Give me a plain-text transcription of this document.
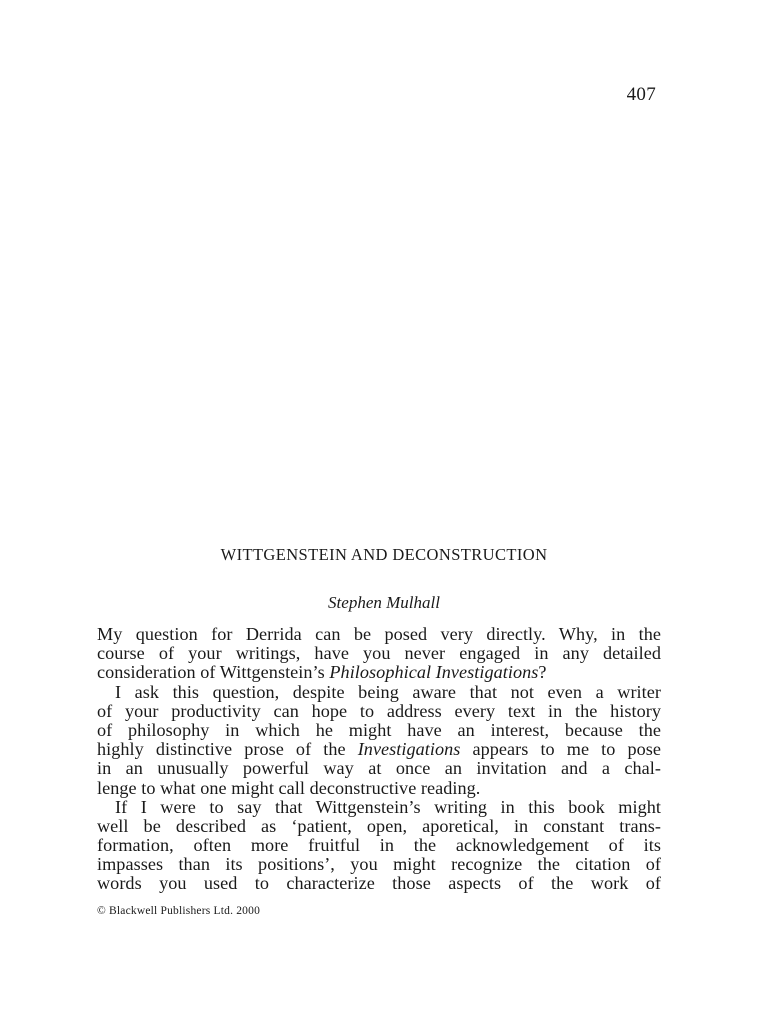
407
WITTGENSTEIN AND DECONSTRUCTION
Stephen Mulhall
My question for Derrida can be posed very directly. Why, in the
course of your writings, have you never engaged in any detailed
consideration of Wittgenstein’s Philosophical Investigations?
I ask this question, despite being aware that not even a writer
of your productivity can hope to address every text in the history
of philosophy in which he might have an interest, because the
highly distinctive prose of the Investigations appears to me to pose
in an unusually powerful way at once an invitation and a chal-
lenge to what one might call deconstructive reading.
If I were to say that Wittgenstein’s writing in this book might
well be described as ‘patient, open, aporetical, in constant trans-
formation, often more fruitful in the acknowledgement of its
impasses than its positions’, you might recognize the citation of
words you used to characterize those aspects of the work of
© Blackwell Publishers Ltd. 2000
